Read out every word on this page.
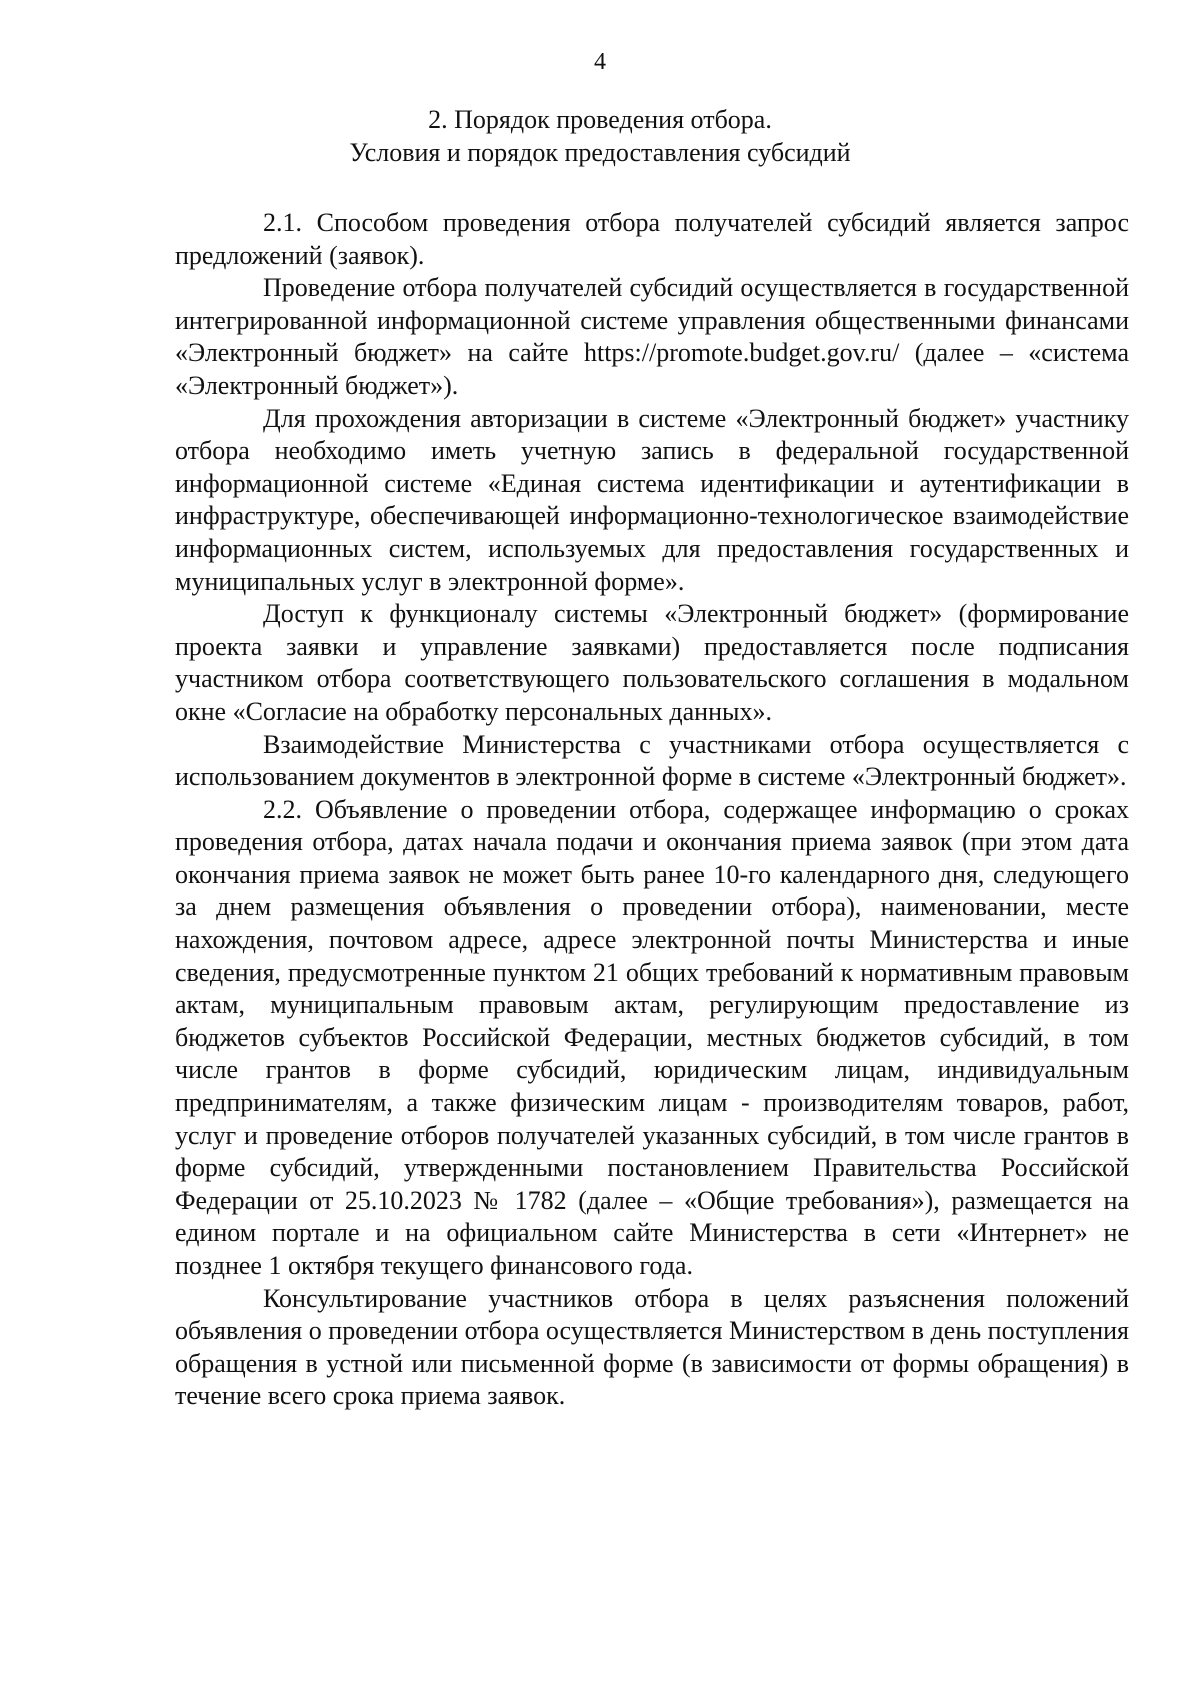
4
2. Порядок проведения отбора.
Условия и порядок предоставления субсидий

2.1. Способом проведения отбора получателей субсидий является запрос предложений (заявок).

Проведение отбора получателей субсидий осуществляется в государственной интегрированной информационной системе управления общественными финансами «Электронный бюджет» на сайте https://promote.budget.gov.ru/ (далее – «система «Электронный бюджет»).

Для прохождения авторизации в системе «Электронный бюджет» участнику отбора необходимо иметь учетную запись в федеральной государственной информационной системе «Единая система идентификации и аутентификации в инфраструктуре, обеспечивающей информационно-технологическое взаимодействие информационных систем, используемых для предоставления государственных и муниципальных услуг в электронной форме».

Доступ к функционалу системы «Электронный бюджет» (формирование проекта заявки и управление заявками) предоставляется после подписания участником отбора соответствующего пользовательского соглашения в модальном окне «Согласие на обработку персональных данных».

Взаимодействие Министерства с участниками отбора осуществляется с использованием документов в электронной форме в системе «Электронный бюджет».

2.2. Объявление о проведении отбора, содержащее информацию о сроках проведения отбора, датах начала подачи и окончания приема заявок (при этом дата окончания приема заявок не может быть ранее 10-го календарного дня, следующего за днем размещения объявления о проведении отбора), наименовании, месте нахождения, почтовом адресе, адресе электронной почты Министерства и иные сведения, предусмотренные пунктом 21 общих требований к нормативным правовым актам, муниципальным правовым актам, регулирующим предоставление из бюджетов субъектов Российской Федерации, местных бюджетов субсидий, в том числе грантов в форме субсидий, юридическим лицам, индивидуальным предпринимателям, а также физическим лицам - производителям товаров, работ, услуг и проведение отборов получателей указанных субсидий, в том числе грантов в форме субсидий, утвержденными постановлением Правительства Российской Федерации от 25.10.2023 № 1782 (далее – «Общие требования»), размещается на едином портале и на официальном сайте Министерства в сети «Интернет» не позднее 1 октября текущего финансового года.

Консультирование участников отбора в целях разъяснения положений объявления о проведении отбора осуществляется Министерством в день поступления обращения в устной или письменной форме (в зависимости от формы обращения) в течение всего срока приема заявок.
